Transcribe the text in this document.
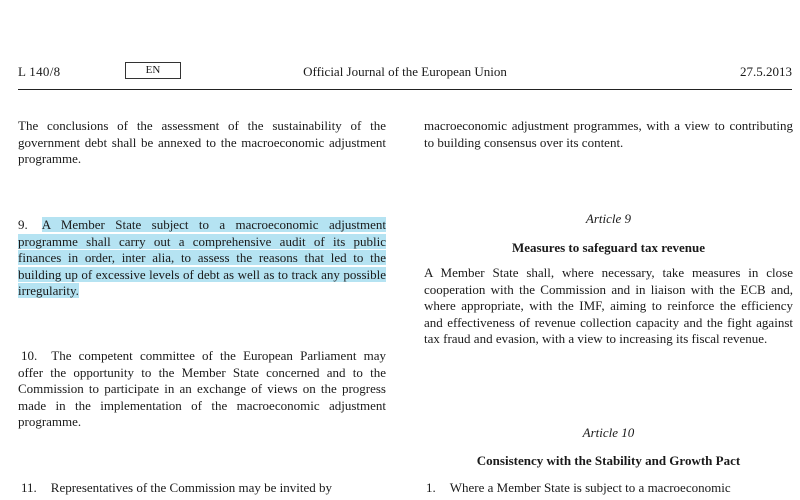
L 140/8	EN	Official Journal of the European Union	27.5.2013

The conclusions of the assessment of the sustainability of the government debt shall be annexed to the macroeconomic adjustment programme.

9. A Member State subject to a macroeconomic adjustment programme shall carry out a comprehensive audit of its public finances in order, inter alia, to assess the reasons that led to the building up of excessive levels of debt as well as to track any possible irregularity.

10. The competent committee of the European Parliament may offer the opportunity to the Member State concerned and to the Commission to participate in an exchange of views on the progress made in the implementation of the macroeconomic adjustment programme.

11. Representatives of the Commission may be invited by

macroeconomic adjustment programmes, with a view to contributing to building consensus over its content.

Article 9
Measures to safeguard tax revenue

A Member State shall, where necessary, take measures in close cooperation with the Commission and in liaison with the ECB and, where appropriate, with the IMF, aiming to reinforce the efficiency and effectiveness of revenue collection capacity and the fight against tax fraud and evasion, with a view to increasing its fiscal revenue.

Article 10
Consistency with the Stability and Growth Pact

1. Where a Member State is subject to a macroeconomic
